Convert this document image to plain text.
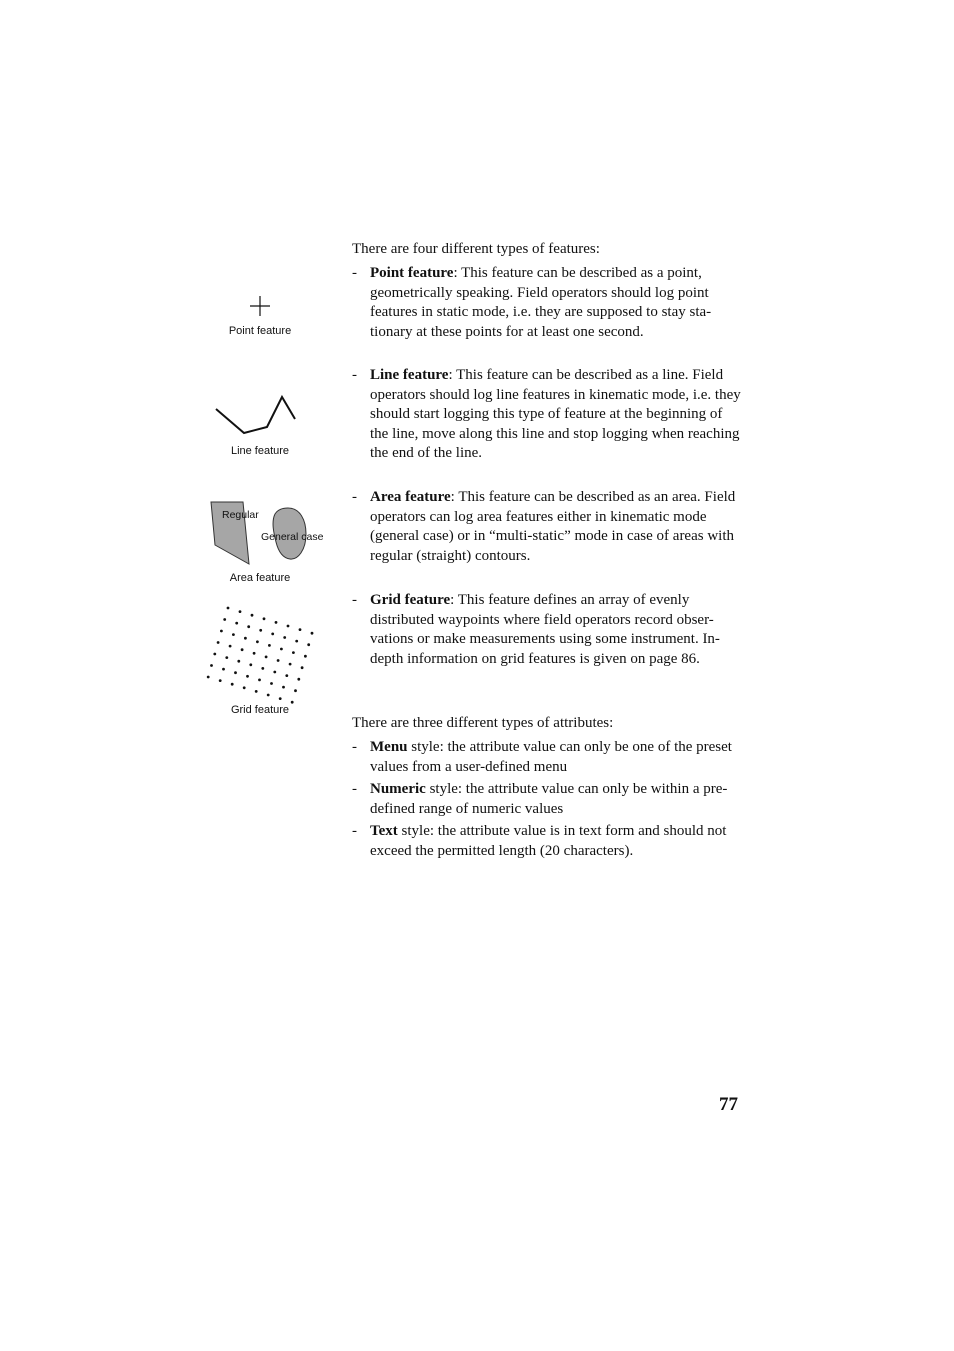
Point feature
Line feature
Regular
General case
Area feature
Grid feature
There are four different types of features:
- Point feature: This feature can be described as a point, geometrically speaking. Field operators should log point features in static mode, i.e. they are supposed to stay sta-tionary at these points for at least one second.
- Line feature: This feature can be described as a line. Field operators should log line features in kinematic mode, i.e. they should start logging this type of feature at the beginning of the line, move along this line and stop logging when reaching the end of the line.
- Area feature: This feature can be described as an area. Field operators can log area features either in kinematic mode (general case) or in “multi-static” mode in case of areas with regular (straight) contours.
- Grid feature: This feature defines an array of evenly distributed waypoints where field operators record obser-vations or make measurements using some instrument. In-depth information on grid features is given on page 86.
There are three different types of attributes:
- Menu style: the attribute value can only be one of the preset values from a user-defined menu
- Numeric style: the attribute value can only be within a pre-defined range of numeric values
- Text style: the attribute value is in text form and should not exceed the permitted length (20 characters).
77
